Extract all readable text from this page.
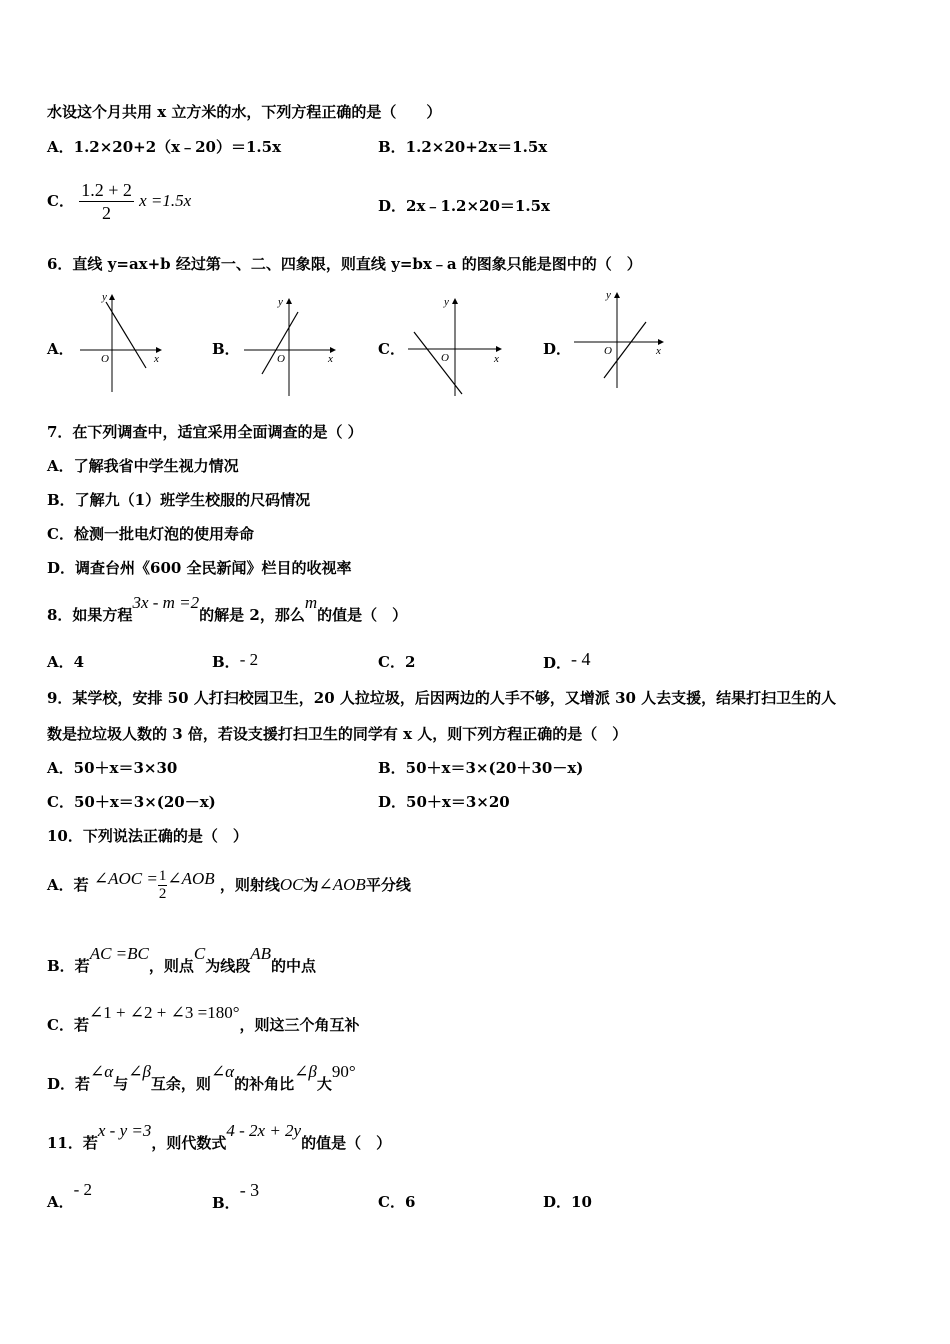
水设这个月共用 x 立方米的水，下列方程正确的是（　　）
A．1.2×20+2（x﹣20）＝1.5x	B．1.2×20+2x＝1.5x
C． $\frac{1.2 + 2}{2}$ x =1.5x	D．2x﹣1.2×20＝1.5x
6．直线 y=ax+b 经过第一、二、四象限，则直线 y=bx﹣a 的图象只能是图中的（　）
A．
y
x
O
B．
y
x
O
C．
y
x
O	D．
y
x
O
7．在下列调查中，适宜采用全面调查的是（ ）
A．了解我省中学生视力情况
B．了解九（1）班学生校服的尺码情况
C．检测一批电灯泡的使用寿命
D．调查台州《600 全民新闻》栏目的收视率
8．如果方程3x - m =2的解是 2，那么m的值是（　）
A．4	B．- 2	C．2	D．- 4
9．某学校，安排 50 人打扫校园卫生，20 人拉垃圾，后因两边的人手不够，又增派 30 人去支援，结果打扫卫生的人
数是拉垃圾人数的 3 倍，若设支援打扫卫生的同学有 x 人，则下列方程正确的是（　）
A．50＋x＝3×30	B．50＋x＝3×(20＋30－x)
C．50＋x＝3×(20－x)	D．50＋x＝3×20
10．下列说法正确的是（　）
A．若 ∠AOC = $\frac{1}{2}$ ∠AOB ，则射线OC为∠AOB平分线
B．若AC =BC，则点C为线段AB的中点
C．若∠1 + ∠2 + ∠3 =180°，则这三个角互补
D．若∠α与∠β互余，则∠α的补角比∠β大90°
11．若x - y =3，则代数式4 - 2x + 2y的值是（　）
A．- 2
B．- 3
C．6	D．10
